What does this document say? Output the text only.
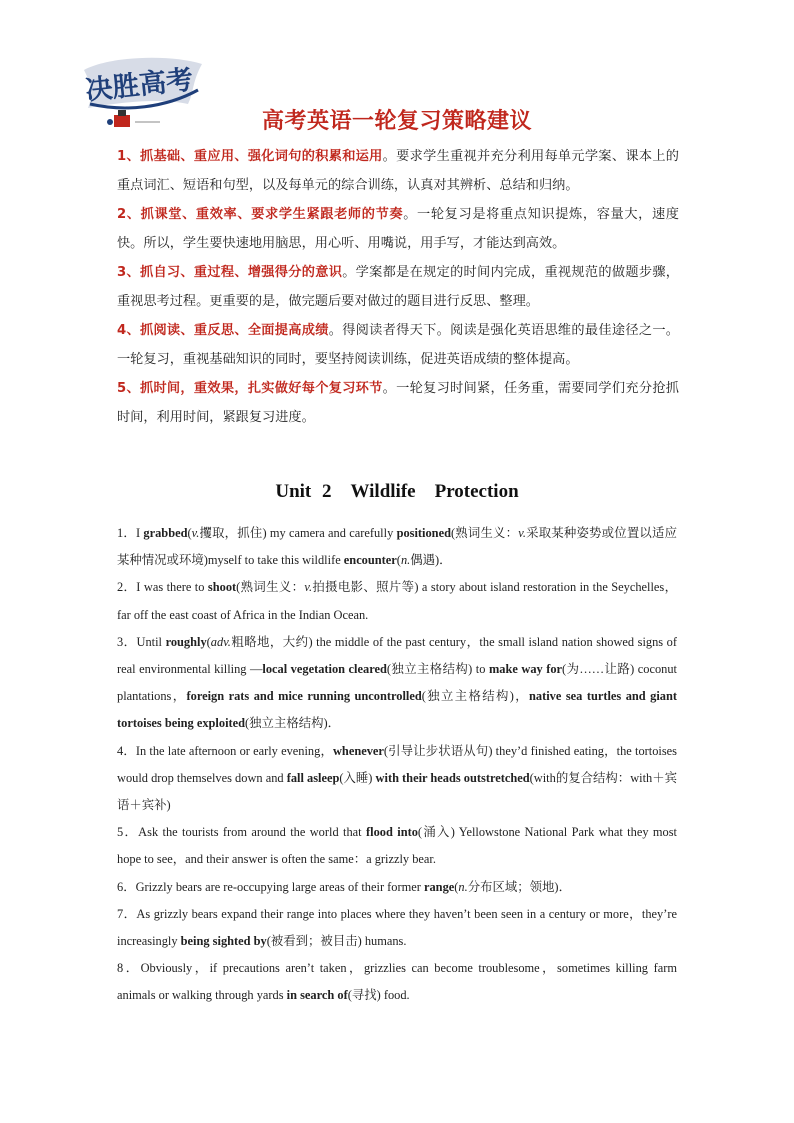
决胜高考
高考英语一轮复习策略建议

1、抓基础、重应用、强化词句的积累和运用。要求学生重视并充分利用每单元学案、课本上的重点词汇、短语和句型，以及每单元的综合训练，认真对其辨析、总结和归纳。

2、抓课堂、重效率、要求学生紧跟老师的节奏。一轮复习是将重点知识提炼，容量大，速度快。所以，学生要快速地用脑思，用心听、用嘴说，用手写，才能达到高效。

3、抓自习、重过程、增强得分的意识。学案都是在规定的时间内完成，重视规范的做题步骤，重视思考过程。更重要的是，做完题后要对做过的题目进行反思、整理。

4、抓阅读、重反思、全面提高成绩。得阅读者得天下。阅读是强化英语思维的最佳途径之一。一轮复习，重视基础知识的同时，要坚持阅读训练，促进英语成绩的整体提高。

5、抓时间，重效果，扎实做好每个复习环节。一轮复习时间紧，任务重，需要同学们充分抢抓时间，利用时间，紧跟复习进度。

Unit 2　Wildlife　Protection

1．I grabbed(v.攫取，抓住) my camera and carefully positioned(熟词生义：v.采取某种姿势或位置以适应某种情况或环境)myself to take this wildlife encounter(n.偶遇)．

2．I was there to shoot(熟词生义：v.拍摄电影、照片等) a story about island restoration in the Seychelles，far off the east coast of Africa in the Indian Ocean.

3．Until roughly(adv.粗略地，大约) the middle of the past century，the small island nation showed signs of real environmental killing —local vegetation cleared(独立主格结构) to make way for(为……让路) coconut plantations，foreign rats and mice running uncontrolled(独立主格结构)，native sea turtles and giant tortoises being exploited(独立主格结构)．

4．In the late afternoon or early evening，whenever(引导让步状语从句) they’d finished eating，the tortoises would drop themselves down and fall asleep(入睡) with their heads outstretched(with的复合结构：with＋宾语＋宾补)

5．Ask the tourists from around the world that flood into(涌入) Yellowstone National Park what they most hope to see，and their answer is often the same：a grizzly bear.

6．Grizzly bears are re-occupying large areas of their former range(n.分布区域；领地)．

7．As grizzly bears expand their range into places where they haven’t been seen in a century or more，they’re increasingly being sighted by(被看到；被目击) humans.

8．Obviously，if precautions aren’t taken，grizzlies can become troublesome，sometimes killing farm animals or walking through yards in search of(寻找) food.
